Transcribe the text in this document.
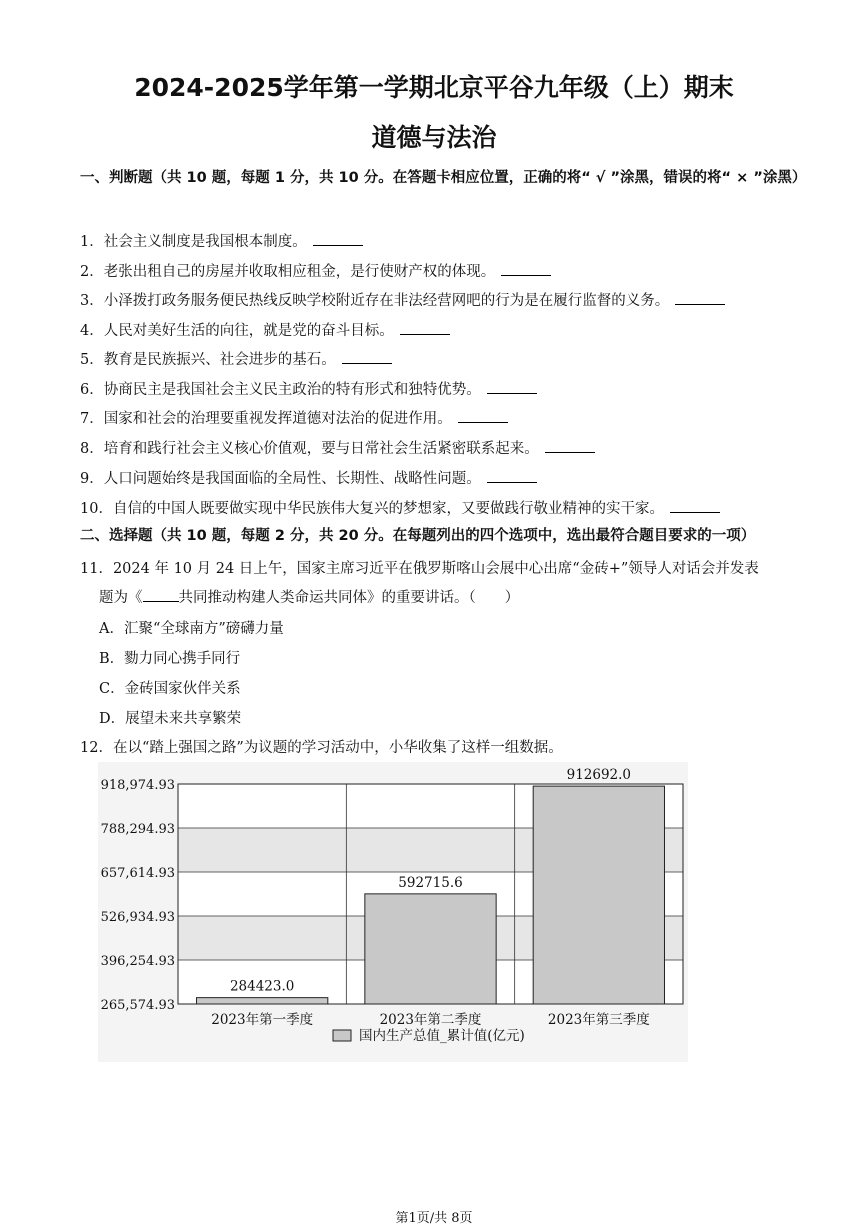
2024-2025学年第一学期北京平谷九年级（上）期末
道德与法治
一、判断题（共 10 题，每题 1 分，共 10 分。在答题卡相应位置，正确的将“ √ ”涂黑，错误的将“ × ”涂黑）
1．社会主义制度是我国根本制度。
2．老张出租自己的房屋并收取相应租金，是行使财产权的体现。
3．小泽拨打政务服务便民热线反映学校附近存在非法经营网吧的行为是在履行监督的义务。
4．人民对美好生活的向往，就是党的奋斗目标。
5．教育是民族振兴、社会进步的基石。
6．协商民主是我国社会主义民主政治的特有形式和独特优势。
7．国家和社会的治理要重视发挥道德对法治的促进作用。
8．培育和践行社会主义核心价值观，要与日常社会生活紧密联系起来。
9．人口问题始终是我国面临的全局性、长期性、战略性问题。
10．自信的中国人既要做实现中华民族伟大复兴的梦想家，又要做践行敬业精神的实干家。
二、选择题（共 10 题，每题 2 分，共 20 分。在每题列出的四个选项中，选出最符合题目要求的一项）
11．2024 年 10 月 24 日上午，国家主席习近平在俄罗斯喀山会展中心出席“金砖+”领导人对话会并发表
题为《 共同推动构建人类命运共同体》的重要讲话。（　　）
A．汇聚“全球南方”磅礴力量
B．勠力同心携手同行
C．金砖国家伙伴关系
D．展望未来共享繁荣
12．在以“踏上强国之路”为议题的学习活动中，小华收集了这样一组数据。
265,574.93
396,254.93
526,934.93
657,614.93
788,294.93
918,974.93
284423.0
2023年第一季度
592715.6
2023年第二季度
912692.0
2023年第三季度
国内生产总值_累计值(亿元)
第1页/共 8页
